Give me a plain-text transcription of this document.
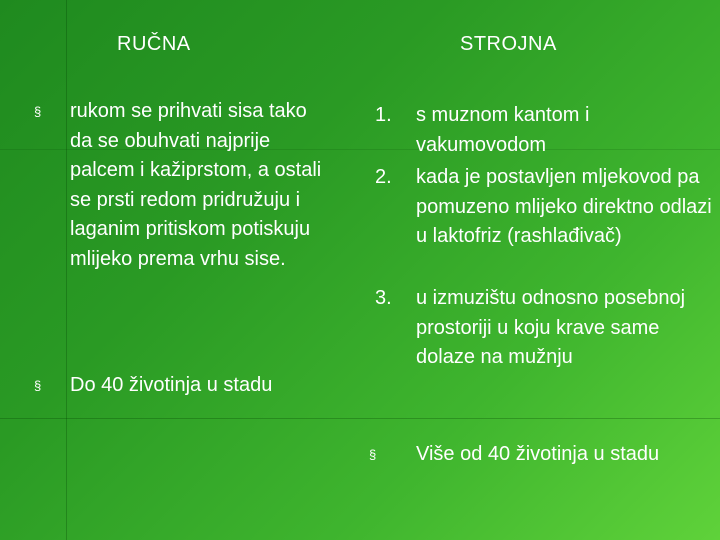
RUČNA
§ rukom se prihvati sisa tako da se obuhvati najprije palcem i kažiprstom, a ostali se prsti redom pridružuju i laganim pritiskom potiskuju mlijeko prema vrhu sise.
§ Do 40 životinja u stadu
STROJNA
1. s muznom kantom i vakumovodom
2. kada je postavljen mljekovod pa pomuzeno mlijeko direktno odlazi u laktofriz (rashlađivač)
3. u izmuzištu odnosno posebnoj prostoriji u koju krave same dolaze na mužnju
§ Više od 40 životinja u stadu
